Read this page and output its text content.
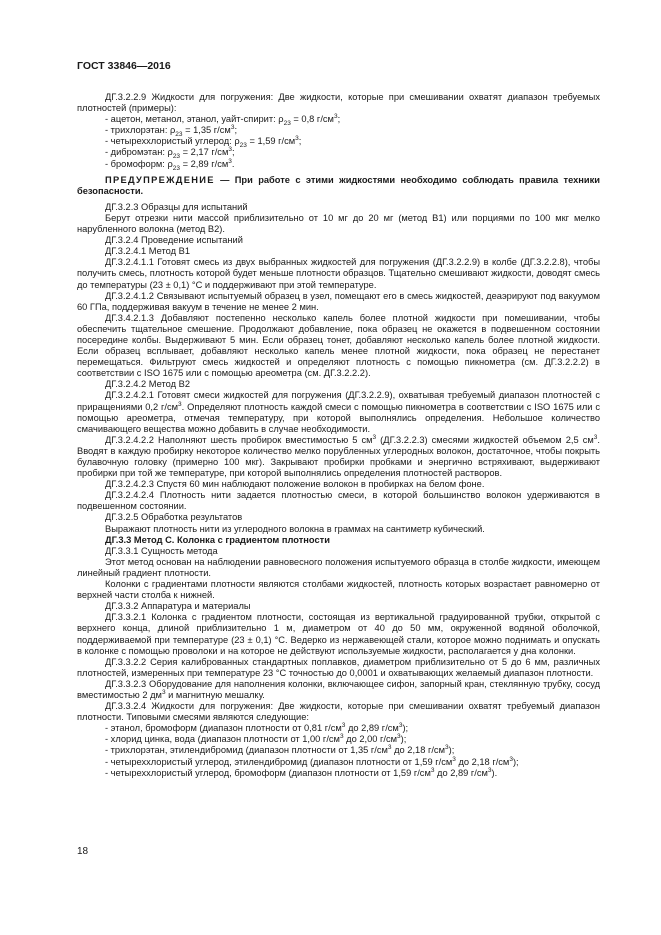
ГОСТ 33846—2016

ДГ.3.2.2.9 Жидкости для погружения: Две жидкости, которые при смешивании охватят диапазон требуемых плотностей (примеры):

- ацетон, метанол, этанол, уайт-спирит: $\rho_{23} = 0,8$ $г/см^3$;

- трихлорэтан: $\rho_{23} = 1,35$ $г/см^3$;

- четыреххлористый углерод: $\rho_{23} = 1,59$ $г/см^3$;

- дибромэтан: $\rho_{23} = 2,17$ $г/см^3$;

- бромоформ: $\rho_{23} = 2,89$ $г/см^3$.

ПРЕДУПРЕЖДЕНИЕ — При работе с этими жидкостями необходимо соблюдать правила техники безопасности.

ДГ.3.2.3 Образцы для испытаний

Берут отрезки нити массой приблизительно от 10 мг до 20 мг (метод В1) или порциями по 100 мкг мелко нарубленного волокна (метод В2).

ДГ.3.2.4 Проведение испытаний

ДГ.3.2.4.1 Метод В1

ДГ.3.2.4.1.1 Готовят смесь из двух выбранных жидкостей для погружения (ДГ.3.2.2.9) в колбе (ДГ.3.2.2.8), чтобы получить смесь, плотность которой будет меньше плотности образцов. Тщательно смешивают жидкости, доводят смесь до температуры (23 ± 0,1) °С и поддерживают при этой температуре.

ДГ.3.2.4.1.2 Связывают испытуемый образец в узел, помещают его в смесь жидкостей, деаэрируют под вакуумом 60 ГПа, поддерживая вакуум в течение не менее 2 мин.

ДГ.3.4.2.1.3 Добавляют постепенно несколько капель более плотной жидкости при помешивании, чтобы обеспечить тщательное смешение. Продолжают добавление, пока образец не окажется в подвешенном состоянии посередине колбы. Выдерживают 5 мин. Если образец тонет, добавляют несколько капель более плотной жидкости. Если образец всплывает, добавляют несколько капель менее плотной жидкости, пока образец не перестанет перемещаться. Фильтруют смесь жидкостей и определяют плотность с помощью пикнометра (см. ДГ.3.2.2.2) в соответствии с ISO 1675 или с помощью ареометра (см. ДГ.3.2.2.2).

ДГ.3.2.4.2 Метод В2

ДГ.3.2.4.2.1 Готовят смеси жидкостей для погружения (ДГ.3.2.2.9), охватывая требуемый диапазон плотностей с приращениями 0,2 $г/см^3$. Определяют плотность каждой смеси с помощью пикнометра в соответствии с ISO 1675 или с помощью ареометра, отмечая температуру, при которой выполнялись определения. Небольшое количество смачивающего вещества можно добавить в случае необходимости.

ДГ.3.2.4.2.2 Наполняют шесть пробирок вместимостью 5 $см^3$ (ДГ.3.2.2.3) смесями жидкостей объемом 2,5 $см^3$. Вводят в каждую пробирку некоторое количество мелко порубленных углеродных волокон, достаточное, чтобы покрыть булавочную головку (примерно 100 мкг). Закрывают пробирки пробками и энергично встряхивают, выдерживают пробирки при той же температуре, при которой выполнялись определения плотностей растворов.

ДГ.3.2.4.2.3 Спустя 60 мин наблюдают положение волокон в пробирках на белом фоне.

ДГ.3.2.4.2.4 Плотность нити задается плотностью смеси, в которой большинство волокон удерживаются в подвешенном состоянии.

ДГ.3.2.5 Обработка результатов

Выражают плотность нити из углеродного волокна в граммах на сантиметр кубический.

ДГ.3.3 Метод С. Колонка с градиентом плотности

ДГ.3.3.1 Сущность метода

Этот метод основан на наблюдении равновесного положения испытуемого образца в столбе жидкости, имеющем линейный градиент плотности.

Колонки с градиентами плотности являются столбами жидкостей, плотность которых возрастает равномерно от верхней части столба к нижней.

ДГ.3.3.2 Аппаратура и материалы

ДГ.3.3.2.1 Колонка с градиентом плотности, состоящая из вертикальной градуированной трубки, открытой с верхнего конца, длиной приблизительно 1 м, диаметром от 40 до 50 мм, окруженной водяной оболочкой, поддерживаемой при температуре (23 ± 0,1) °С. Ведерко из нержавеющей стали, которое можно поднимать и опускать в колонке с помощью проволоки и на которое не действуют используемые жидкости, располагается у дна колонки.

ДГ.3.3.2.2 Серия калиброванных стандартных поплавков, диаметром приблизительно от 5 до 6 мм, различных плотностей, измеренных при температуре 23 °С точностью до 0,0001 и охватывающих желаемый диапазон плотности.

ДГ.3.3.2.3 Оборудование для наполнения колонки, включающее сифон, запорный кран, стеклянную трубку, сосуд вместимостью 2 $дм^3$ и магнитную мешалку.

ДГ.3.3.2.4 Жидкости для погружения: Две жидкости, которые при смешивании охватят требуемый диапазон плотности. Типовыми смесями являются следующие:

- этанол, бромоформ (диапазон плотности от 0,81 $г/см^3$ до 2,89 $г/см^3$);

- хлорид цинка, вода (диапазон плотности от 1,00 $г/см^3$ до 2,00 $г/см^3$);

- трихлорэтан, этилендибромид (диапазон плотности от 1,35 $г/см^3$ до 2,18 $г/см^3$);

- четыреххлористый углерод, этилендибромид (диапазон плотности от 1,59 $г/см^3$ до 2,18 $г/см^3$);

- четыреххлористый углерод, бромоформ (диапазон плотности от 1,59 $г/см^3$ до 2,89 $г/см^3$).

18
